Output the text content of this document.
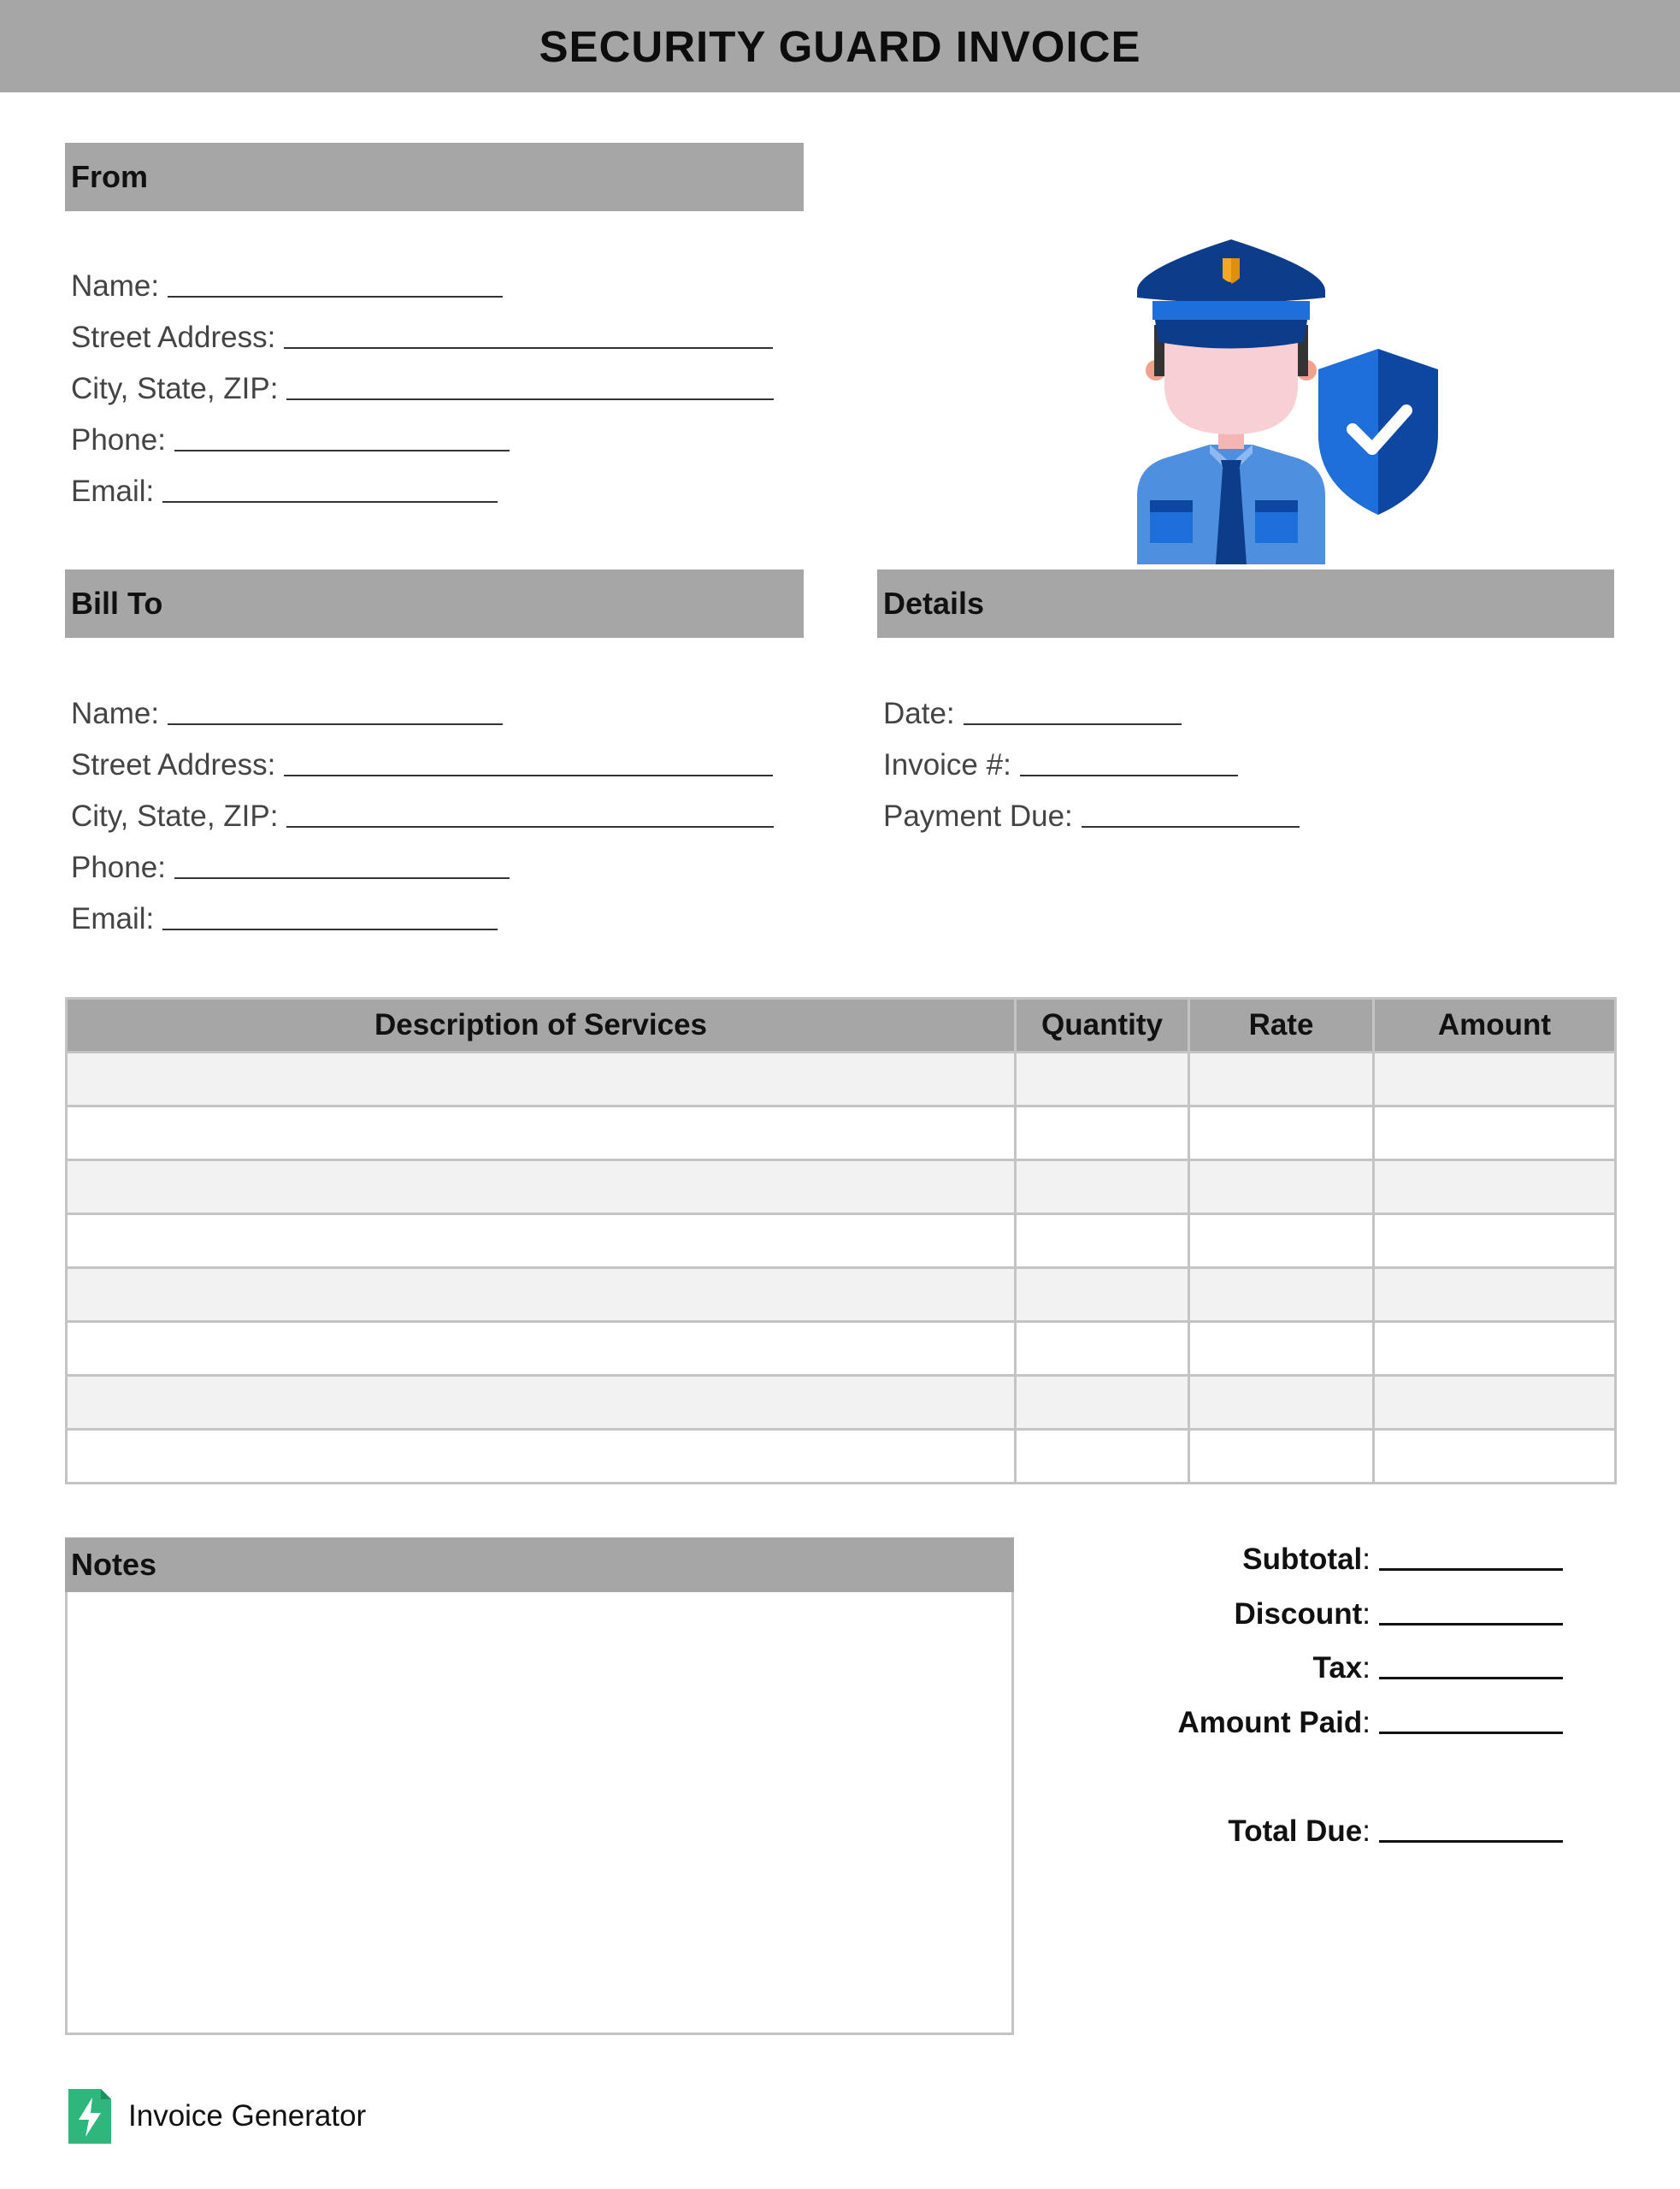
SECURITY GUARD INVOICE
From
Name:
Street Address:
City, State, ZIP:
Phone:
Email:
Bill To
Name:
Street Address:
City, State, ZIP:
Phone:
Email:
Details
Date:
Invoice #:
Payment Due:
Description of Services	Quantity	Rate	Amount

Notes	Subtotal:
Discount:
Tax:
Amount Paid:
Total Due:
Invoice Generator
